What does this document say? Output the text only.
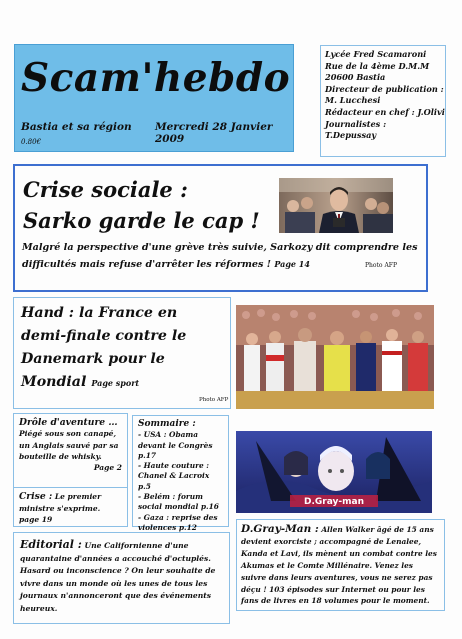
Scam'hebdo
Bastia et sa région Mercredi 28 Janvier 2009
0.80€
Lycée Fred Scamaroni
Rue de la 4ème D.M.M
20600 Bastia
Directeur de publication :
M. Lucchesi
Rédacteur en chef : J.Olivi
Journalistes :
T.Depussay
Crise sociale :
Sarko garde le cap !
Malgré la perspective d'une grève très suivie, Sarkozy dit comprendre les difficultés mais refuse d'arrêter les réformes ! Page 14	Photo AFP
Hand : la France en demi-finale contre le Danemark pour le Mondial Page sport
Photo AFP
Drôle d'aventure …
Piégé sous son canapé, un Anglais sauvé par sa bouteille de whisky.
Page 2
Crise : Le premier ministre s'exprime. page 19
Sommaire :
- USA : Obama devant le Congrès p.17
- Haute couture : Chanel & Lacroix p.5
- Belém : forum social mondial p.16
- Gaza : reprise des violences p.12
D.Gray-man
Editorial : Une Californienne d'une quarantaine d'années a accouché d'octuplés. Hasard ou inconscience ? On leur souhaite de vivre dans un monde où les unes de tous les journaux n'annonceront que des événements heureux.
D.Gray-Man : Allen Walker âgé de 15 ans devient exorciste ; accompagné de Lenalee, Kanda et Lavi, ils mènent un combat contre les Akumas et le Comte Millénaire. Venez les suivre dans leurs aventures, vous ne serez pas déçu ! 103 épisodes sur Internet ou pour les fans de livres en 18 volumes pour le moment.
